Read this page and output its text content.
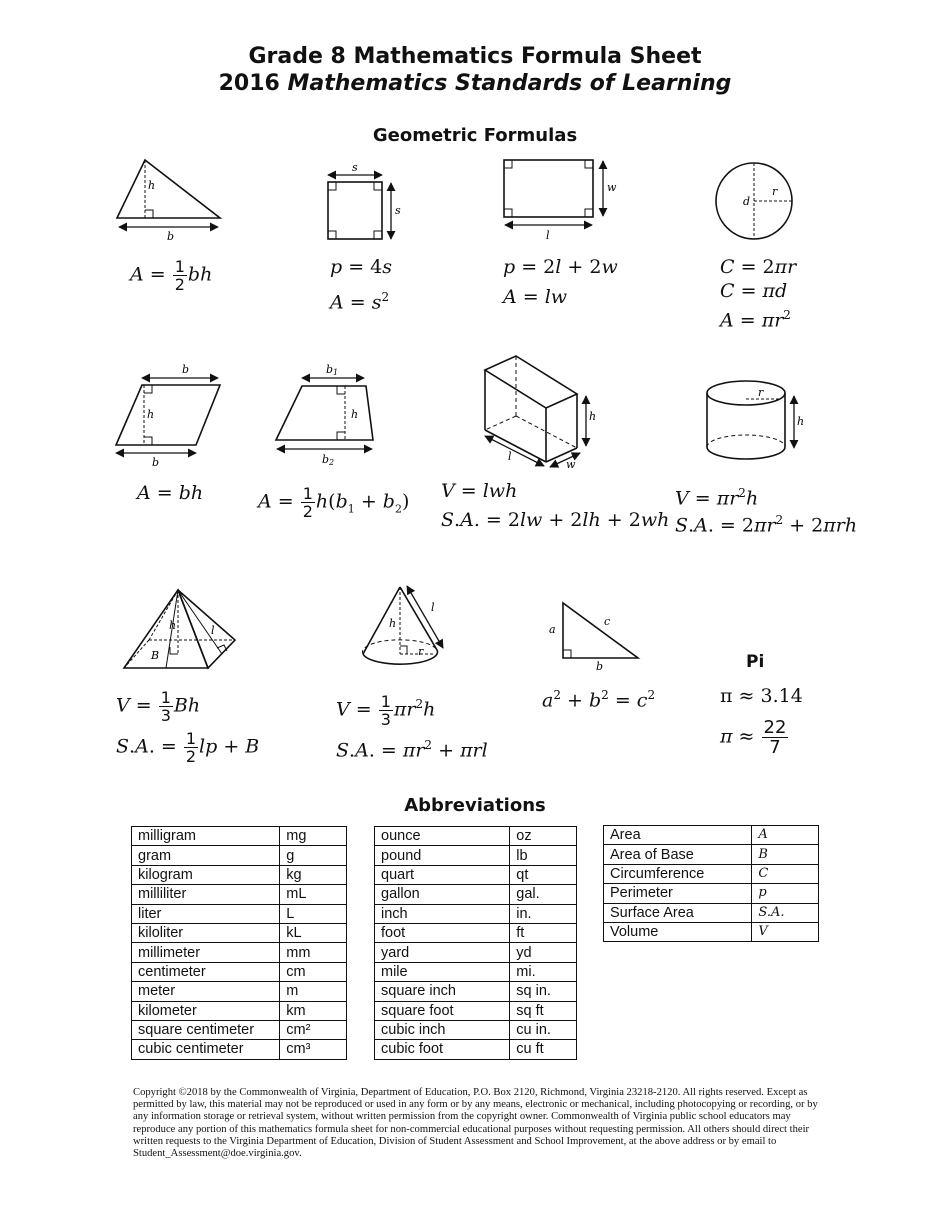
Grade 8 Mathematics Formula Sheet
2016 Mathematics Standards of Learning
Geometric Formulas
h
b
$A = \frac{1}{2}$ bh
s
s
p = 4s
$A = s^2$
w
l
p = 2l + 2w
A = lw
r
d
C = 2πr
C = πd
$A = \pi r^2$
b
h
b
A = bh
b1
h
b2
$A = \frac{1}{2} h(b_1 + b_2)$
h
l
w
V = lwh
S.A. = 2lw + 2lh + 2wh
r
h
$V = \pi r^2h$
S.A. = $2\pi r^2 + 2\pi rh$
h	l
B
$V = \frac{1}{3}$ Bh
S.A. = $\frac{1}{2}$ lp + B
h
r
l
$V = \frac{1}{3} \pi r^2h$
S.A. = $\pi r^2 + \pi rl$
a
c
b
$a^2 + b^2 = c^2$
Pi
π ≈ 3.14
$\pi \approx \frac{22}{7}$
Abbreviations
milligram	mg
gram	g
kilogram	kg
milliliter	mL
liter	L
kiloliter	kL
millimeter	mm
centimeter	cm
meter	m
kilometer	km
square centimeter	cm²
cubic centimeter	cm³
ounce	oz
pound	lb
quart	qt
gallon	gal.
inch	in.
foot	ft
yard	yd
mile	mi.
square inch	sq in.
square foot	sq ft
cubic inch	cu in.
cubic foot	cu ft
Area	A
Area of Base	B
Circumference	C
Perimeter	p
Surface Area	S.A.
Volume	V
Copyright ©2018 by the Commonwealth of Virginia, Department of Education, P.O. Box 2120, Richmond, Virginia 23218-2120. All rights reserved. Except as permitted by law, this material may not be reproduced or used in any form or by any means, electronic or mechanical, including photocopying or recording, or by any information storage or retrieval system, without written permission from the copyright owner. Commonwealth of Virginia public school educators may reproduce any portion of this mathematics formula sheet for non-commercial educational purposes without requesting permission. All others should direct their written requests to the Virginia Department of Education, Division of Student Assessment and School Improvement, at the above address or by email to Student_Assessment@doe.virginia.gov.
